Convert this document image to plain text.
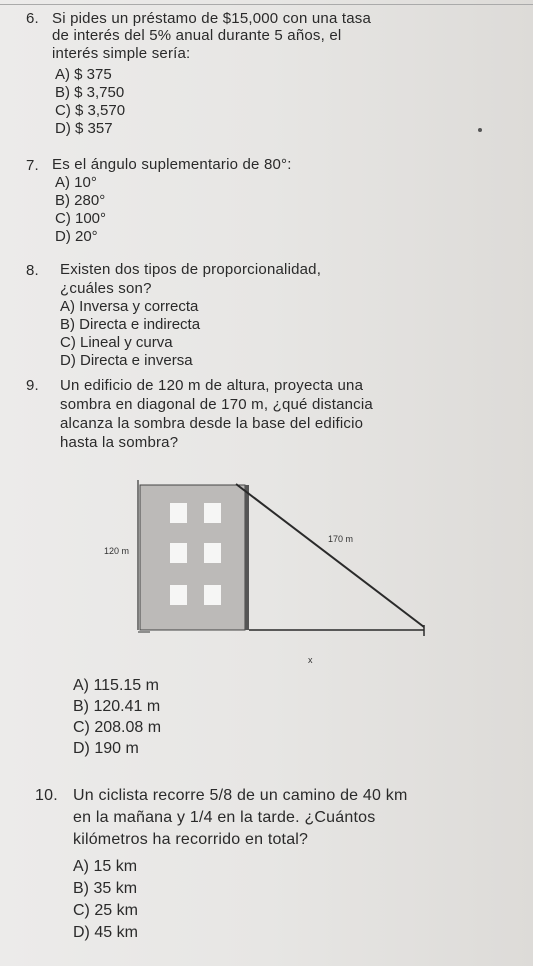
6. Si pides un préstamo de $15,000 con una tasa
de interés del 5% anual durante 5 años, el
interés simple sería:
A) $ 375
B) $ 3,750
C) $ 3,570
D) $ 357
7. Es el ángulo suplementario de 80°:
A) 10°
B) 280°
C) 100°
D) 20°
8. Existen dos tipos de proporcionalidad,
¿cuáles son?
A) Inversa y correcta
B) Directa e indirecta
C) Lineal y curva
D) Directa e inversa
9. Un edificio de 120 m de altura, proyecta una
sombra en diagonal de 170 m, ¿qué distancia
alcanza la sombra desde la base del edificio
hasta la sombra?
120 m
170 m
x
A) 115.15 m
B) 120.41 m
C) 208.08 m
D) 190 m
10. Un ciclista recorre 5/8 de un camino de 40 km
en la mañana y 1/4 en la tarde. ¿Cuántos
kilómetros ha recorrido en total?
A) 15 km
B) 35 km
C) 25 km
D) 45 km
